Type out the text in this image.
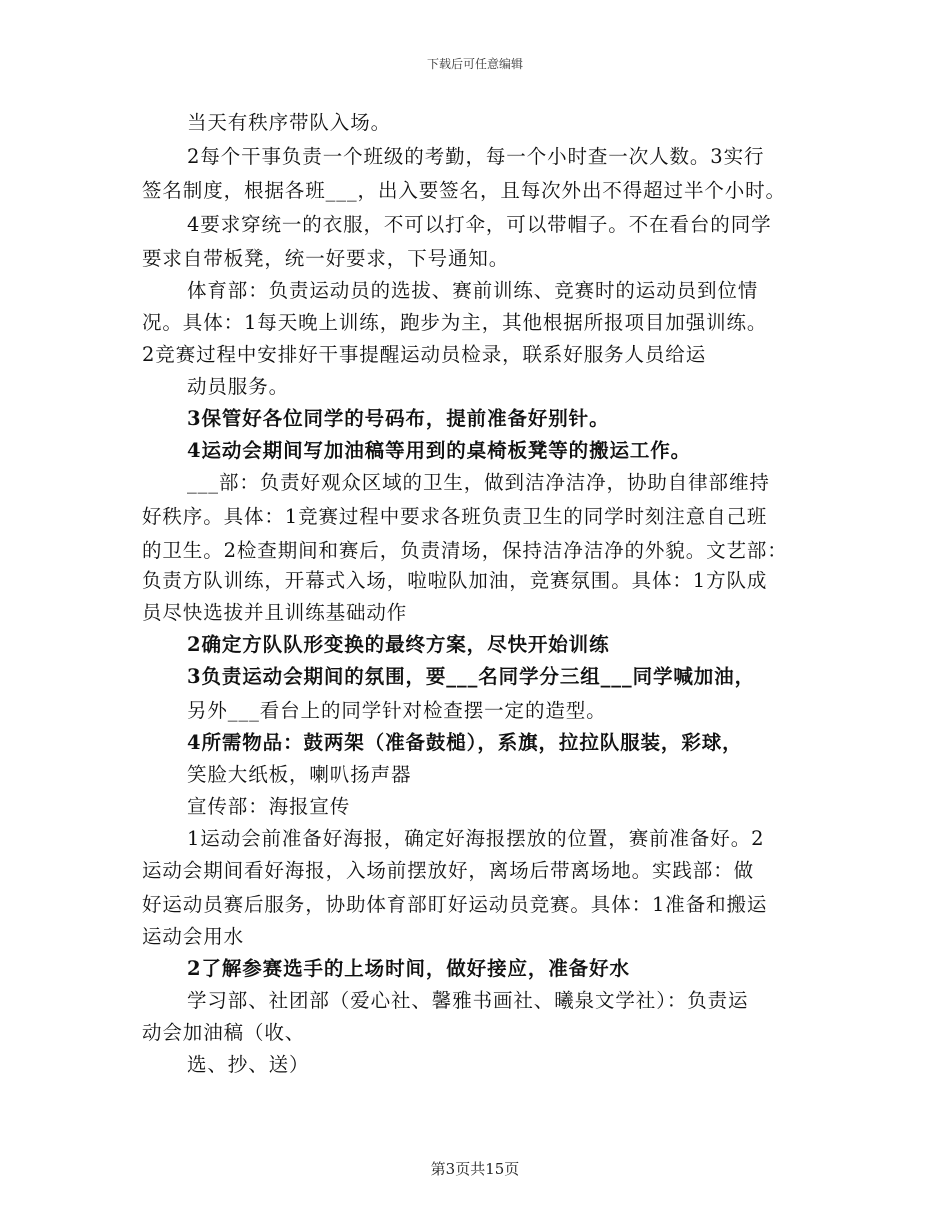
下载后可任意编辑
当天有秩序带队入场。
2每个干事负责一个班级的考勤，每一个小时查一次人数。3实行
签名制度，根据各班___，出入要签名，且每次外出不得超过半个小时。
4要求穿统一的衣服，不可以打伞，可以带帽子。不在看台的同学
要求自带板凳，统一好要求，下号通知。
体育部：负责运动员的选拔、赛前训练、竞赛时的运动员到位情
况。具体：1每天晚上训练，跑步为主，其他根据所报项目加强训练。
2竞赛过程中安排好干事提醒运动员检录，联系好服务人员给运
动员服务。
3保管好各位同学的号码布，提前准备好别针。
4运动会期间写加油稿等用到的桌椅板凳等的搬运工作。
___部：负责好观众区域的卫生，做到洁净洁净，协助自律部维持
好秩序。具体：1竞赛过程中要求各班负责卫生的同学时刻注意自己班
的卫生。2检查期间和赛后，负责清场，保持洁净洁净的外貌。文艺部：
负责方队训练，开幕式入场，啦啦队加油，竞赛氛围。具体：1方队成
员尽快选拔并且训练基础动作
2确定方队队形变换的最终方案，尽快开始训练
3负责运动会期间的氛围，要___名同学分三组___同学喊加油，
另外___看台上的同学针对检查摆一定的造型。
4所需物品：鼓两架（准备鼓槌），系旗，拉拉队服装，彩球，
笑脸大纸板，喇叭扬声器
宣传部：海报宣传
1运动会前准备好海报，确定好海报摆放的位置，赛前准备好。2
运动会期间看好海报，入场前摆放好，离场后带离场地。实践部：做
好运动员赛后服务，协助体育部盯好运动员竞赛。具体：1准备和搬运
运动会用水
2了解参赛选手的上场时间，做好接应，准备好水
学习部、社团部（爱心社、馨雅书画社、曦泉文学社）：负责运
动会加油稿（收、
选、抄、送）
第3页共15页
